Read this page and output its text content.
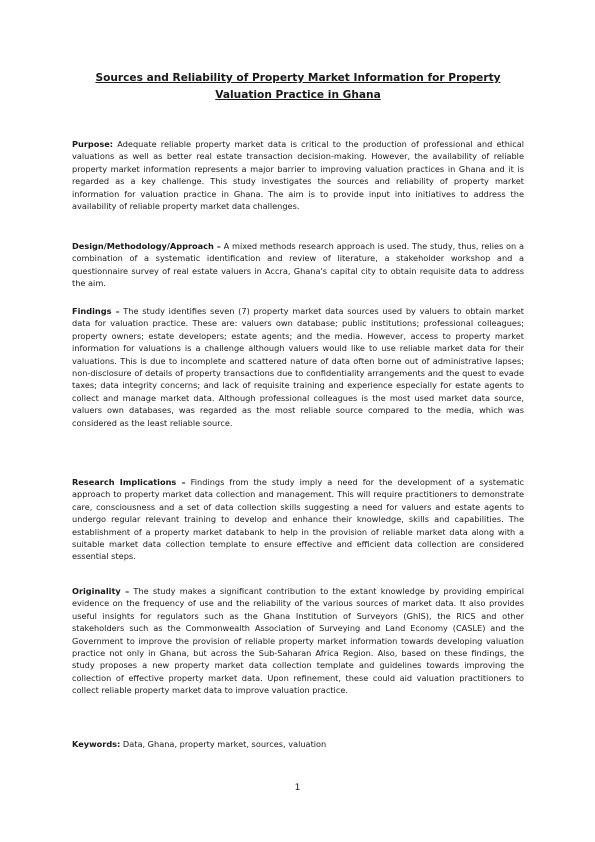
Sources and Reliability of Property Market Information for Property Valuation Practice in Ghana

Purpose: Adequate reliable property market data is critical to the production of professional and ethical valuations as well as better real estate transaction decision-making. However, the availability of reliable property market information represents a major barrier to improving valuation practices in Ghana and it is regarded as a key challenge. This study investigates the sources and reliability of property market information for valuation practice in Ghana. The aim is to provide input into initiatives to address the availability of reliable property market data challenges.

Design/Methodology/Approach – A mixed methods research approach is used. The study, thus, relies on a combination of a systematic identification and review of literature, a stakeholder workshop and a questionnaire survey of real estate valuers in Accra, Ghana's capital city to obtain requisite data to address the aim.

Findings – The study identifies seven (7) property market data sources used by valuers to obtain market data for valuation practice. These are: valuers own database; public institutions; professional colleagues; property owners; estate developers; estate agents; and the media. However, access to property market information for valuations is a challenge although valuers would like to use reliable market data for their valuations. This is due to incomplete and scattered nature of data often borne out of administrative lapses; non-disclosure of details of property transactions due to confidentiality arrangements and the quest to evade taxes; data integrity concerns; and lack of requisite training and experience especially for estate agents to collect and manage market data. Although professional colleagues is the most used market data source, valuers own databases, was regarded as the most reliable source compared to the media, which was considered as the least reliable source.

Research Implications – Findings from the study imply a need for the development of a systematic approach to property market data collection and management. This will require practitioners to demonstrate care, consciousness and a set of data collection skills suggesting a need for valuers and estate agents to undergo regular relevant training to develop and enhance their knowledge, skills and capabilities. The establishment of a property market databank to help in the provision of reliable market data along with a suitable market data collection template to ensure effective and efficient data collection are considered essential steps.

Originality – The study makes a significant contribution to the extant knowledge by providing empirical evidence on the frequency of use and the reliability of the various sources of market data. It also provides useful insights for regulators such as the Ghana Institution of Surveyors (GhIS), the RICS and other stakeholders such as the Commonwealth Association of Surveying and Land Economy (CASLE) and the Government to improve the provision of reliable property market information towards developing valuation practice not only in Ghana, but across the Sub-Saharan Africa Region. Also, based on these findings, the study proposes a new property market data collection template and guidelines towards improving the collection of effective property market data. Upon refinement, these could aid valuation practitioners to collect reliable property market data to improve valuation practice.

Keywords: Data, Ghana, property market, sources, valuation

1
